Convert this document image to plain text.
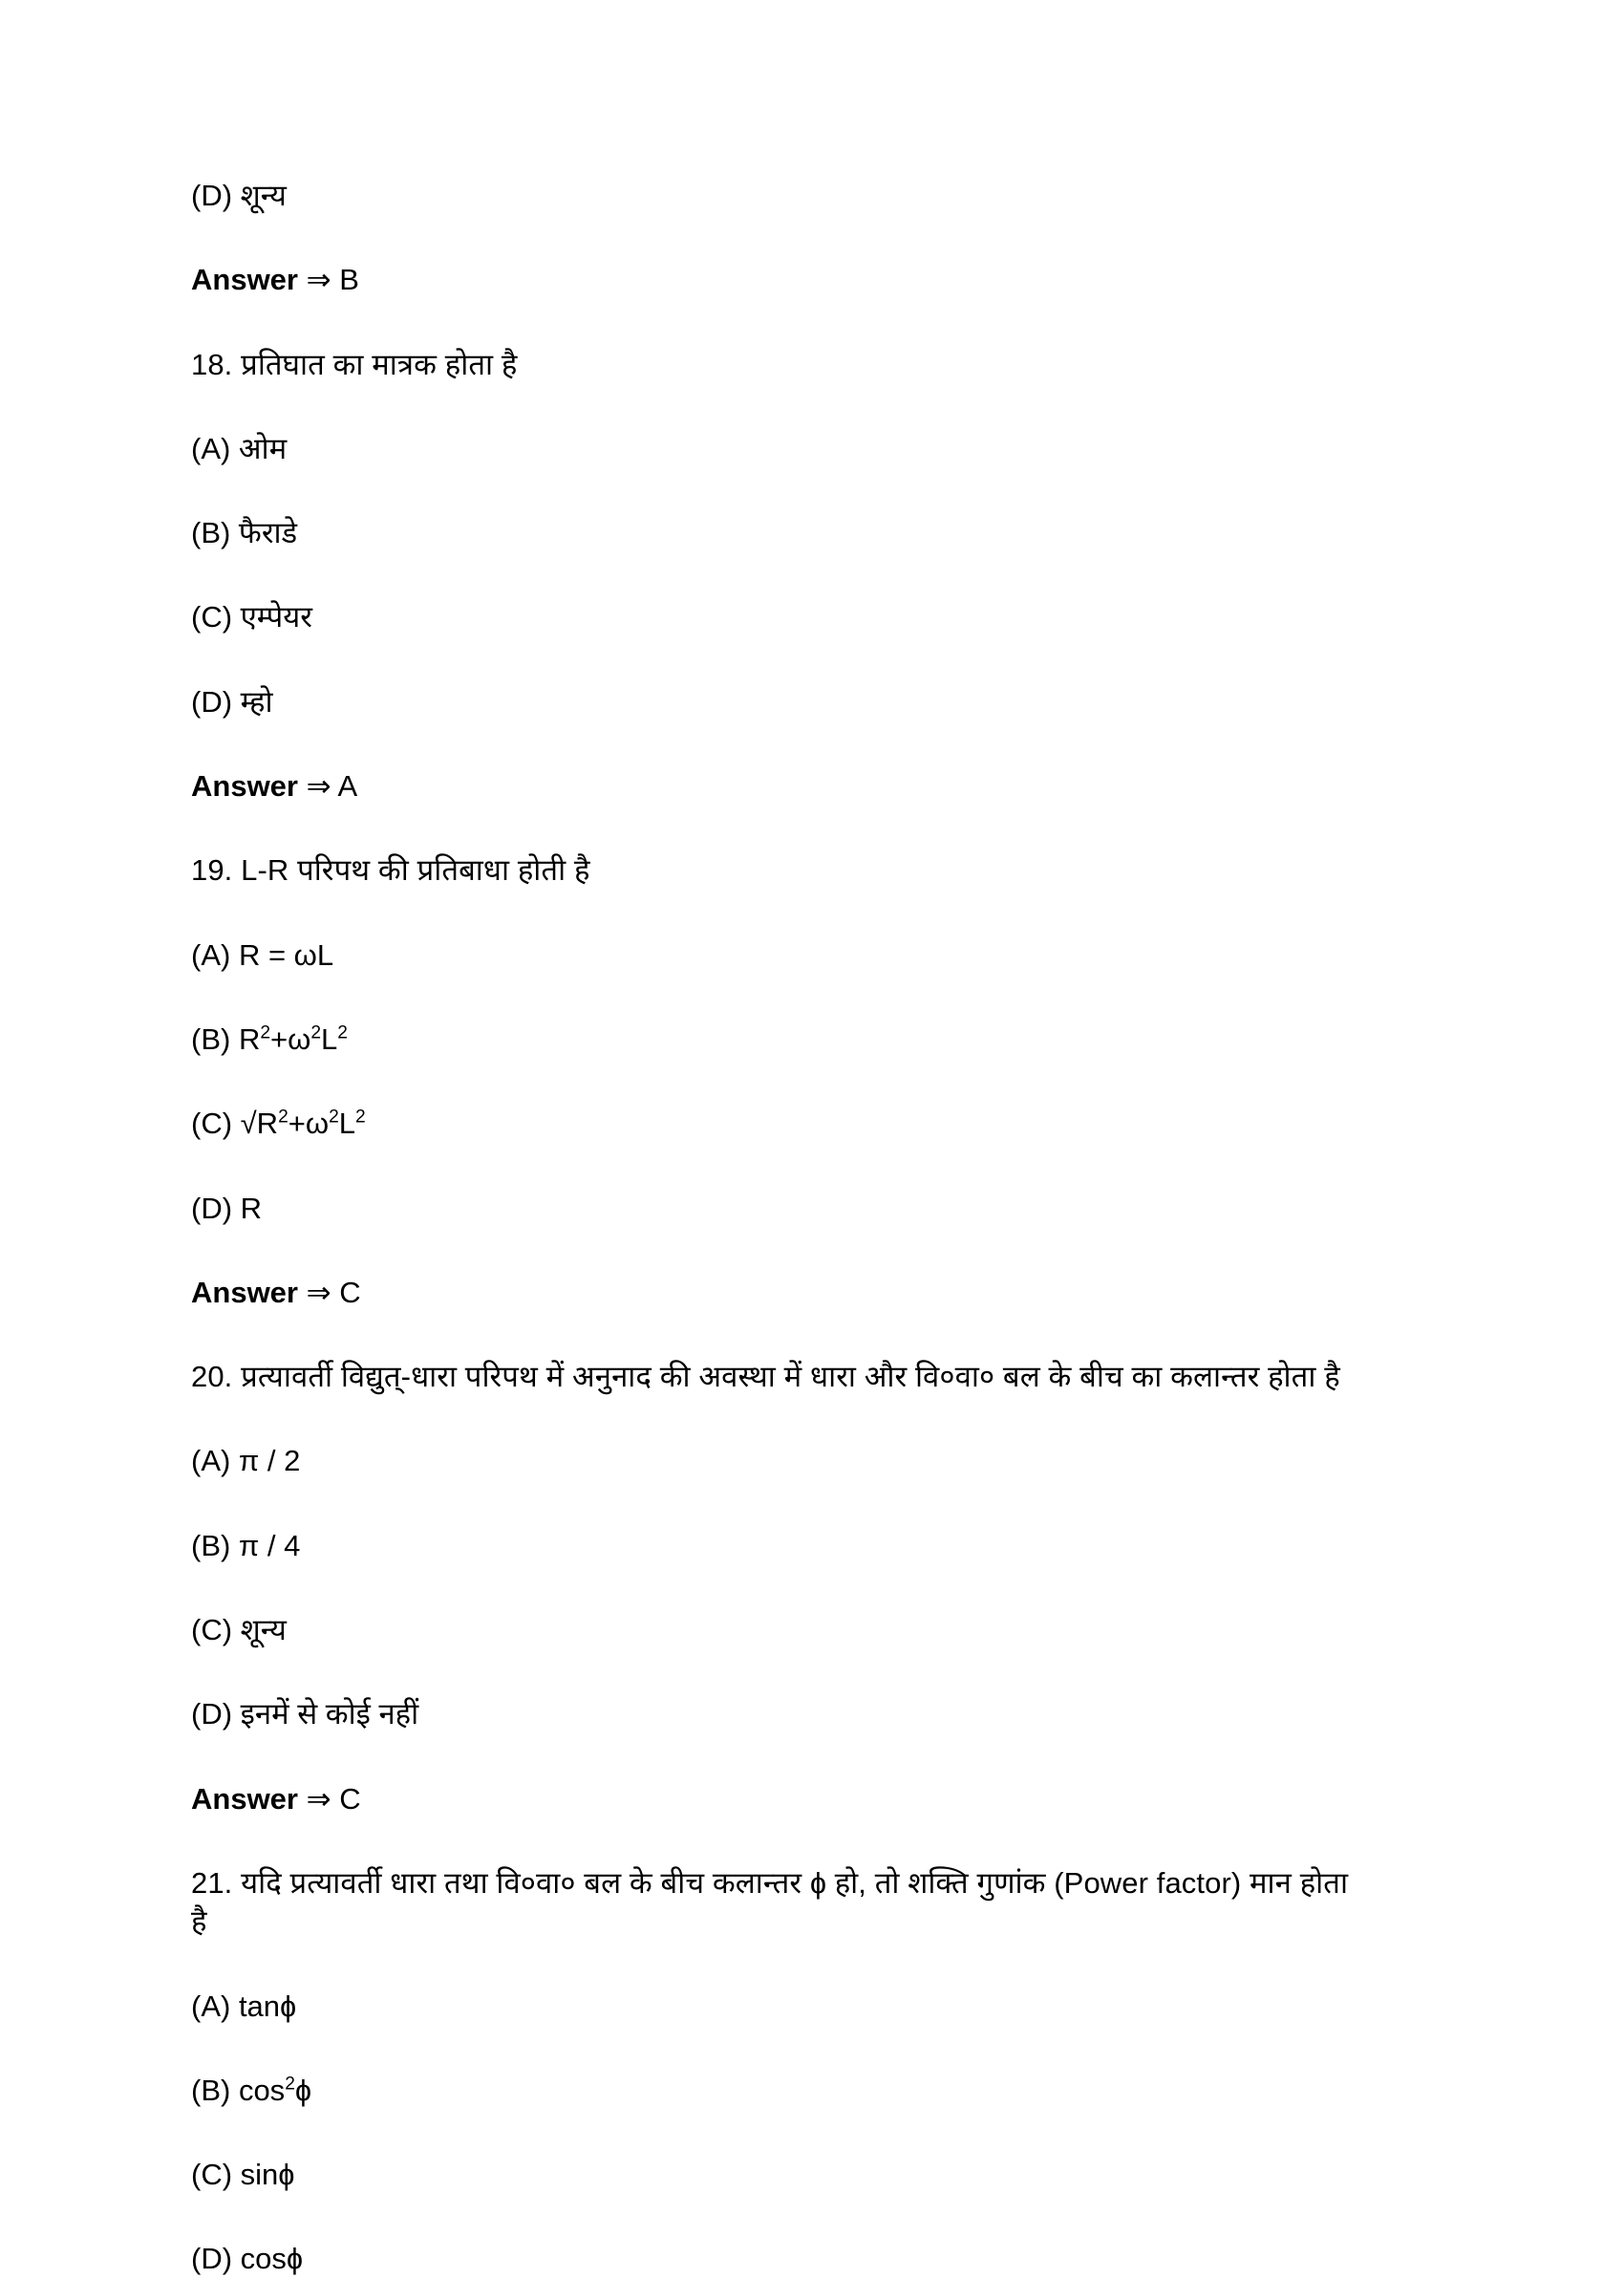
(D) शून्य
Answer ⇒ B
18. प्रतिघात का मात्रक होता है
(A) ओम
(B) फैराडे
(C) एम्पेयर
(D) म्हो
Answer ⇒ A
19. L-R परिपथ की प्रतिबाधा होती है
(A) R = ωL
(B) $R^2+\omega^2L^2$
(C) $√R^2+\omega^2L^2$
(D) R
Answer ⇒ C
20. प्रत्यावर्ती विद्युत्-धारा परिपथ में अनुनाद की अवस्था में धारा और वि०वा० बल के बीच का कलान्तर होता है
(A) π / 2
(B) π / 4
(C) शून्य
(D) इनमें से कोई नहीं
Answer ⇒ C
21. यदि प्रत्यावर्ती धारा तथा वि०वा० बल के बीच कलान्तर ɸ हो, तो शक्ति गुणांक (Power factor) मान होता है
(A) tanɸ
(B) $\cos^2ɸ$
(C) sinɸ
(D) cosɸ
